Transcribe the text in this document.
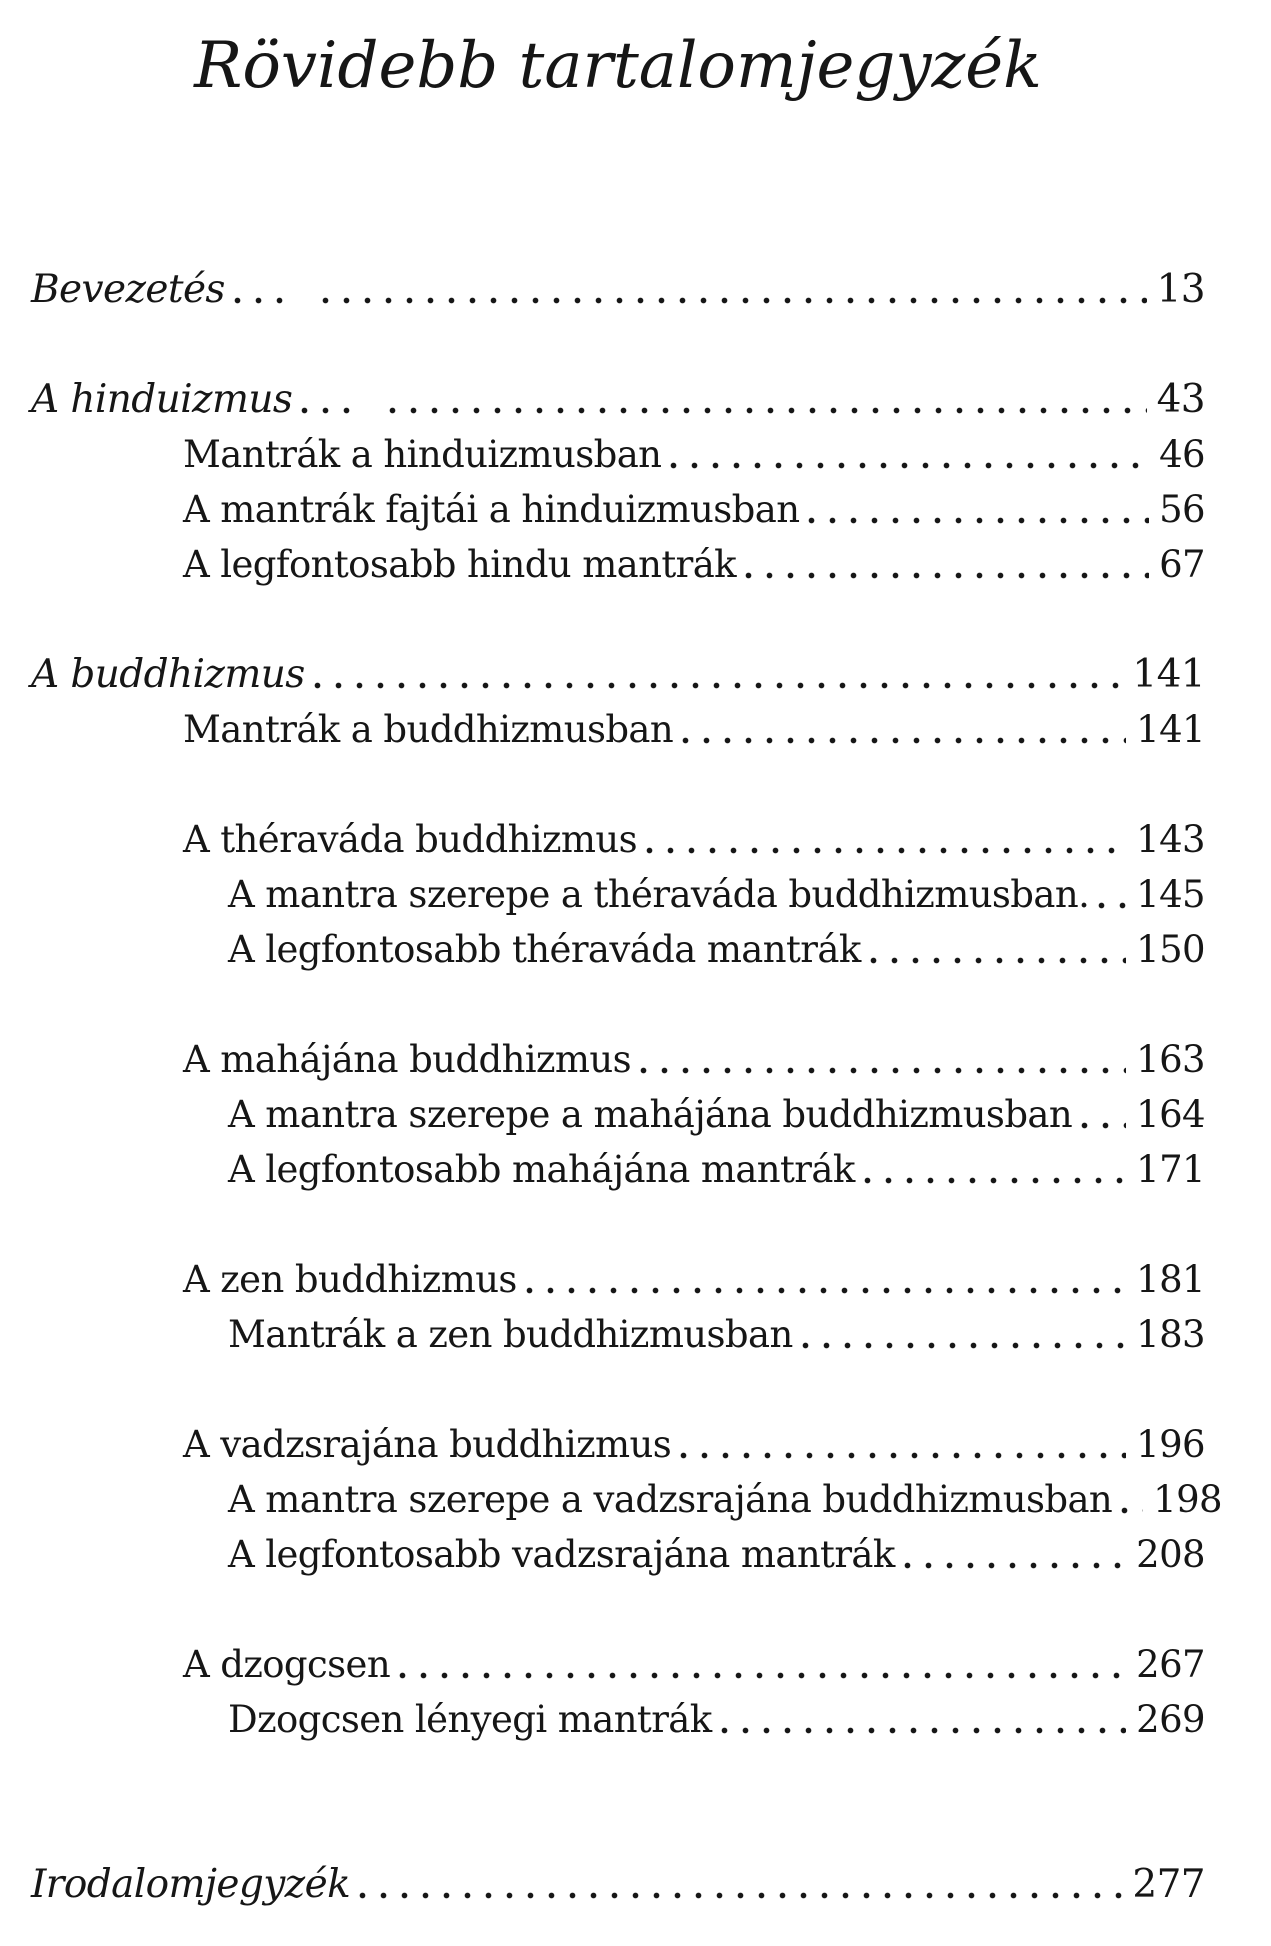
Rövidebb tartalomjegyzék
Bevezetés	13
A hinduizmus	43
Mantrák a hinduizmusban	46
A mantrák fajtái a hinduizmusban	56
A legfontosabb hindu mantrák	67
A buddhizmus	141
Mantrák a buddhizmusban	141
A théraváda buddhizmus	143
A mantra szerepe a théraváda buddhizmusban. 145
A legfontosabb théraváda mantrák	150
A mahájána buddhizmus	163
A mantra szerepe a mahájána buddhizmusban 164
A legfontosabb mahájána mantrák	171
A zen buddhizmus	181
Mantrák a zen buddhizmusban	183
A vadzsrajána buddhizmus	196
A mantra szerepe a vadzsrajána buddhizmusban 198
A legfontosabb vadzsrajána mantrák	208
A dzogcsen	267
Dzogcsen lényegi mantrák	269
Irodalomjegyzék	277
